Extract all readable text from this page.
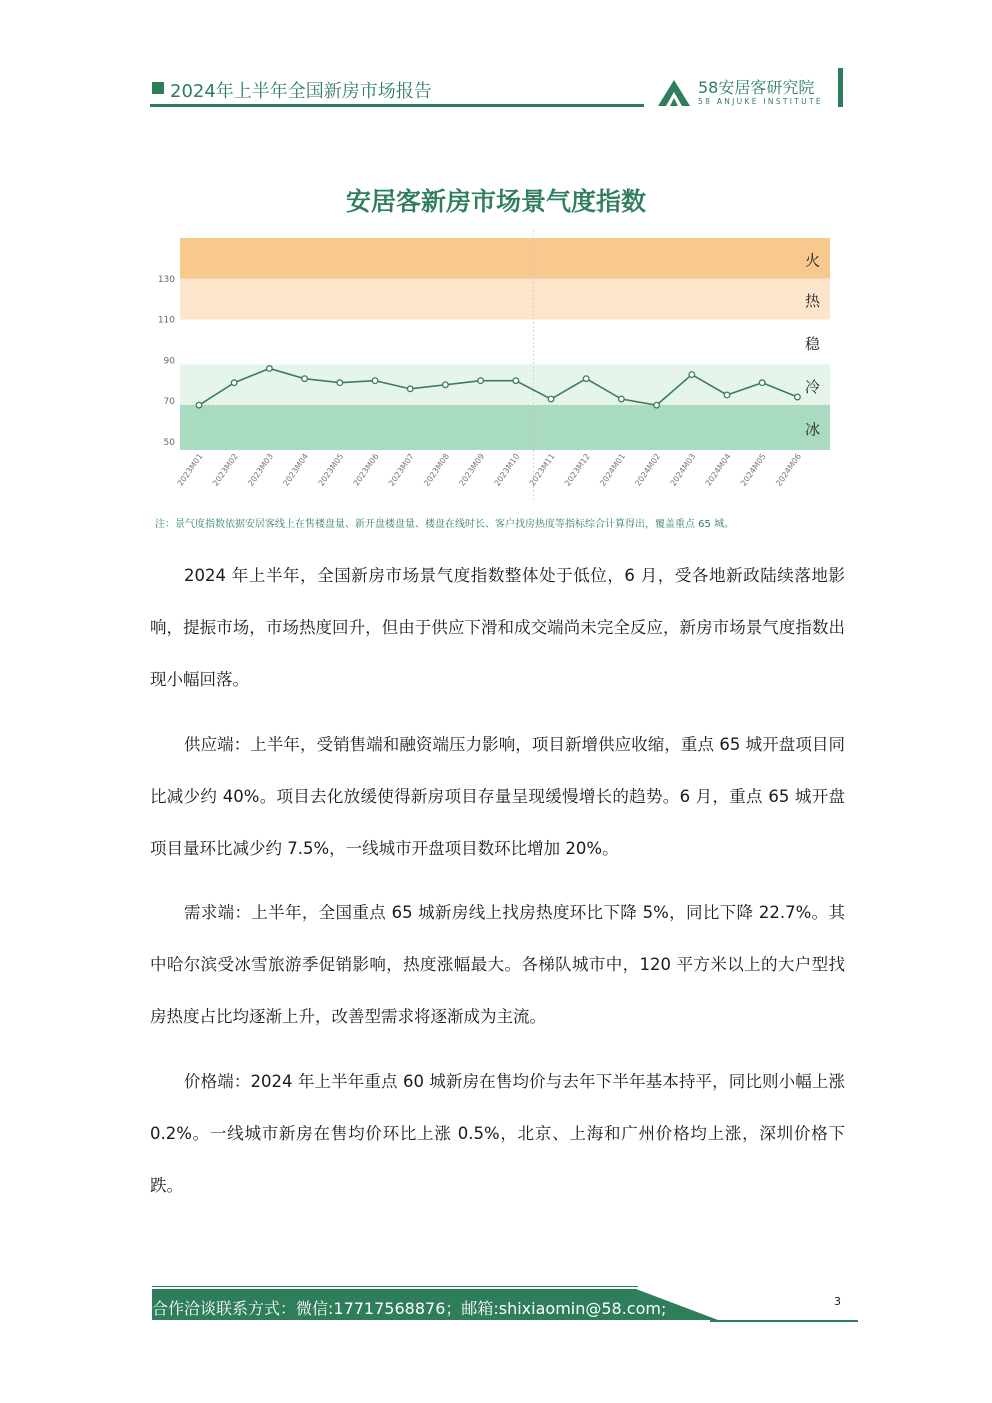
2024年上半年全国新房市场报告	58安居客研究院
58 ANJUKE INSTITUTE
安居客新房市场景气度指数
火
热
稳
冷
冰
130
110
90
70
50
2023M01 2023M02 2023M03 2023M04 2023M05 2023M06 2023M07 2023M08 2023M09 2023M10 2023M11 2023M12 2024M01 2024M02 2024M03 2024M04 2024M05 2024M06
注：景气度指数依据安居客线上在售楼盘量、新开盘楼盘量、楼盘在线时长、客户找房热度等指标综合计算得出，覆盖重点 65 城。

2024 年上半年，全国新房市场景气度指数整体处于低位，6 月，受各地新政陆续落地影响，提振市场，市场热度回升，但由于供应下滑和成交端尚未完全反应，新房市场景气度指数出现小幅回落。

供应端：上半年，受销售端和融资端压力影响，项目新增供应收缩，重点 65 城开盘项目同比减少约 40%。项目去化放缓使得新房项目存量呈现缓慢增长的趋势。6 月，重点 65 城开盘项目量环比减少约 7.5%，一线城市开盘项目数环比增加 20%。

需求端：上半年，全国重点 65 城新房线上找房热度环比下降 5%，同比下降 22.7%。其中哈尔滨受冰雪旅游季促销影响，热度涨幅最大。各梯队城市中，120 平方米以上的大户型找房热度占比均逐渐上升，改善型需求将逐渐成为主流。

价格端：2024 年上半年重点 60 城新房在售均价与去年下半年基本持平，同比则小幅上涨 0.2%。一线城市新房在售均价环比上涨 0.5%，北京、上海和广州价格均上涨，深圳价格下跌。

合作洽谈联系方式：微信:17717568876；邮箱:shixiaomin@58.com;	3
